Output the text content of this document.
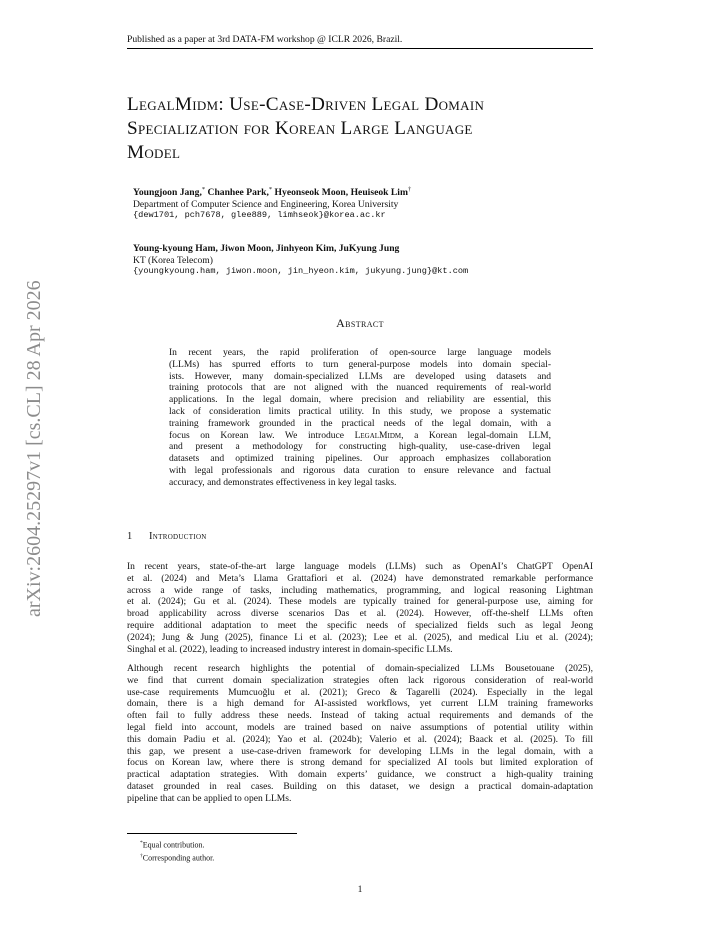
Published as a paper at 3rd DATA-FM workshop @ ICLR 2026, Brazil.
arXiv:2604.25297v1 [cs.CL] 28 Apr 2026
LegalMidm: Use-Case-Driven Legal Domain
Specialization for Korean Large Language
Model
Youngjoon Jang,* Chanhee Park,* Hyeonseok Moon, Heuiseok Lim†
Department of Computer Science and Engineering, Korea University
{dew1701, pch7678, glee889, limhseok}@korea.ac.kr
Young-kyoung Ham, Jiwon Moon, Jinhyeon Kim, JuKyung Jung
KT (Korea Telecom)
{youngkyoung.ham, jiwon.moon, jin_hyeon.kim, jukyung.jung}@kt.com
Abstract
In recent years, the rapid proliferation of open-source large language models
(LLMs) has spurred efforts to turn general-purpose models into domain special-
ists. However, many domain-specialized LLMs are developed using datasets and
training protocols that are not aligned with the nuanced requirements of real-world
applications. In the legal domain, where precision and reliability are essential, this
lack of consideration limits practical utility. In this study, we propose a systematic
training framework grounded in the practical needs of the legal domain, with a
focus on Korean law. We introduce LegalMidm, a Korean legal-domain LLM,
and present a methodology for constructing high-quality, use-case-driven legal
datasets and optimized training pipelines. Our approach emphasizes collaboration
with legal professionals and rigorous data curation to ensure relevance and factual
accuracy, and demonstrates effectiveness in key legal tasks.
1 Introduction
In recent years, state-of-the-art large language models (LLMs) such as OpenAI’s ChatGPT OpenAI
et al. (2024) and Meta’s Llama Grattafiori et al. (2024) have demonstrated remarkable performance
across a wide range of tasks, including mathematics, programming, and logical reasoning Lightman
et al. (2024); Gu et al. (2024). These models are typically trained for general-purpose use, aiming for
broad applicability across diverse scenarios Das et al. (2024). However, off-the-shelf LLMs often
require additional adaptation to meet the specific needs of specialized fields such as legal Jeong
(2024); Jung & Jung (2025), finance Li et al. (2023); Lee et al. (2025), and medical Liu et al. (2024);
Singhal et al. (2022), leading to increased industry interest in domain-specific LLMs.
Although recent research highlights the potential of domain-specialized LLMs Bousetouane (2025),
we find that current domain specialization strategies often lack rigorous consideration of real-world
use-case requirements Mumcuoğlu et al. (2021); Greco & Tagarelli (2024). Especially in the legal
domain, there is a high demand for AI-assisted workflows, yet current LLM training frameworks
often fail to fully address these needs. Instead of taking actual requirements and demands of the
legal field into account, models are trained based on naive assumptions of potential utility within
this domain Padiu et al. (2024); Yao et al. (2024b); Valerio et al. (2024); Baack et al. (2025). To fill
this gap, we present a use-case-driven framework for developing LLMs in the legal domain, with a
focus on Korean law, where there is strong demand for specialized AI tools but limited exploration of
practical adaptation strategies. With domain experts’ guidance, we construct a high-quality training
dataset grounded in real cases. Building on this dataset, we design a practical domain-adaptation
pipeline that can be applied to open LLMs.
*Equal contribution.
†Corresponding author.
1
